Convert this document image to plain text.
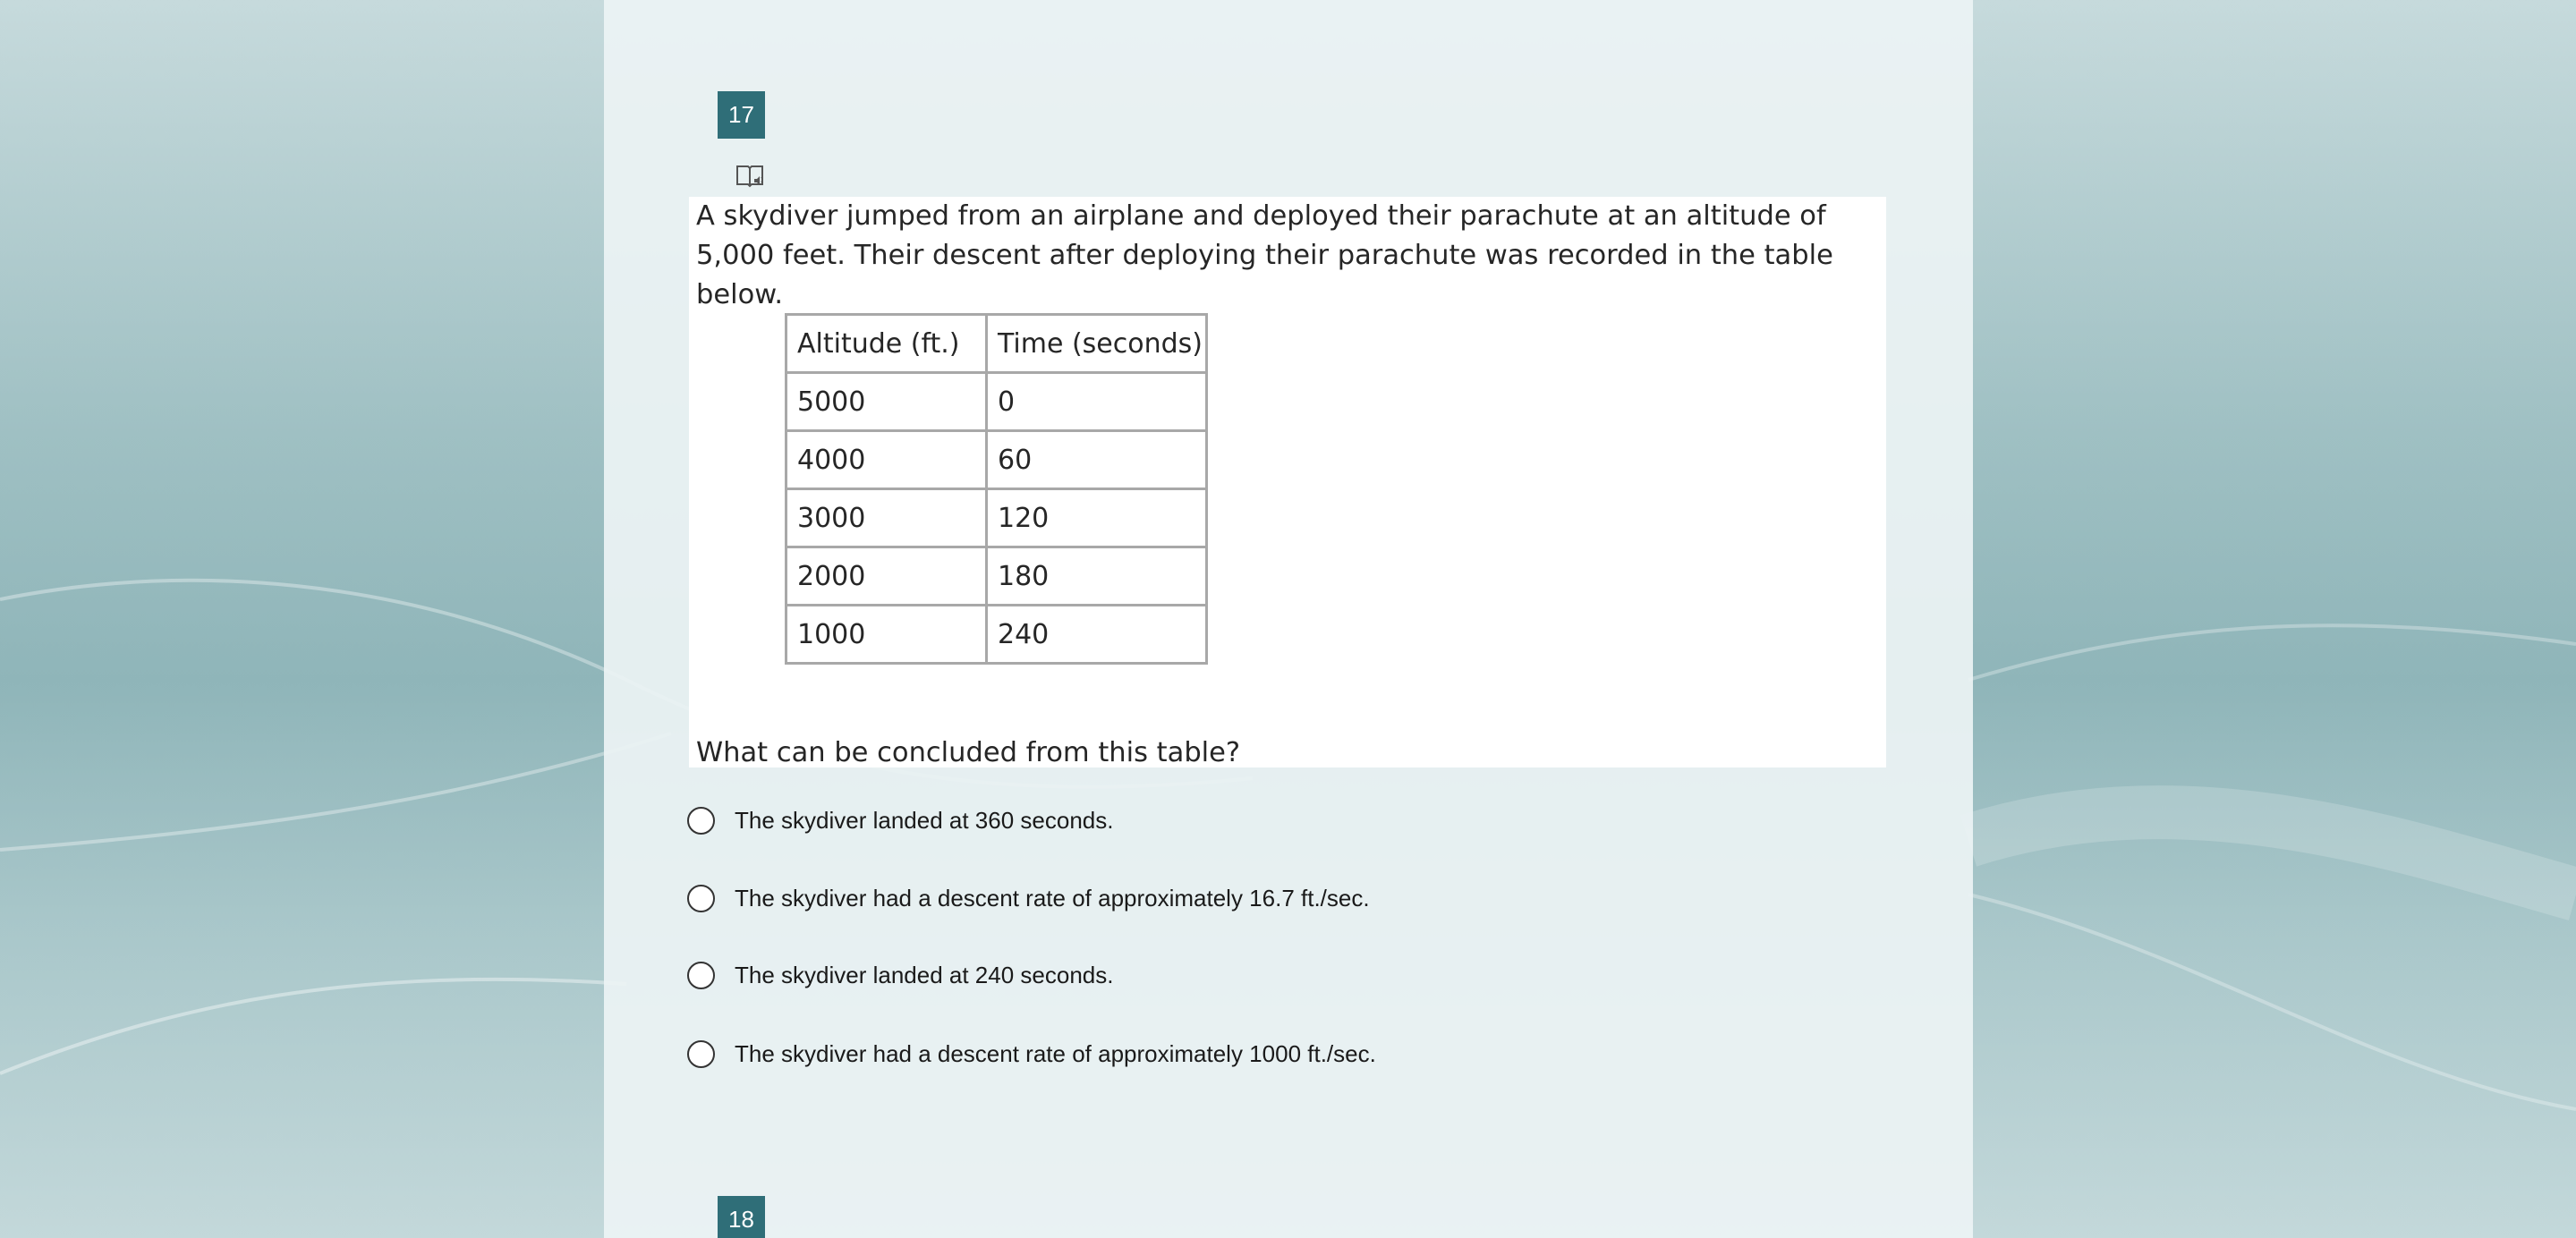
17

A skydiver jumped from an airplane and deployed their parachute at an altitude of 5,000 feet. Their descent after deploying their parachute was recorded in the table below.

Altitude (ft.)	Time (seconds)
5000	0
4000	60
3000	120
2000	180
1000	240

What can be concluded from this table?

The skydiver landed at 360 seconds.
The skydiver had a descent rate of approximately 16.7 ft./sec.
The skydiver landed at 240 seconds.
The skydiver had a descent rate of approximately 1000 ft./sec.
18
